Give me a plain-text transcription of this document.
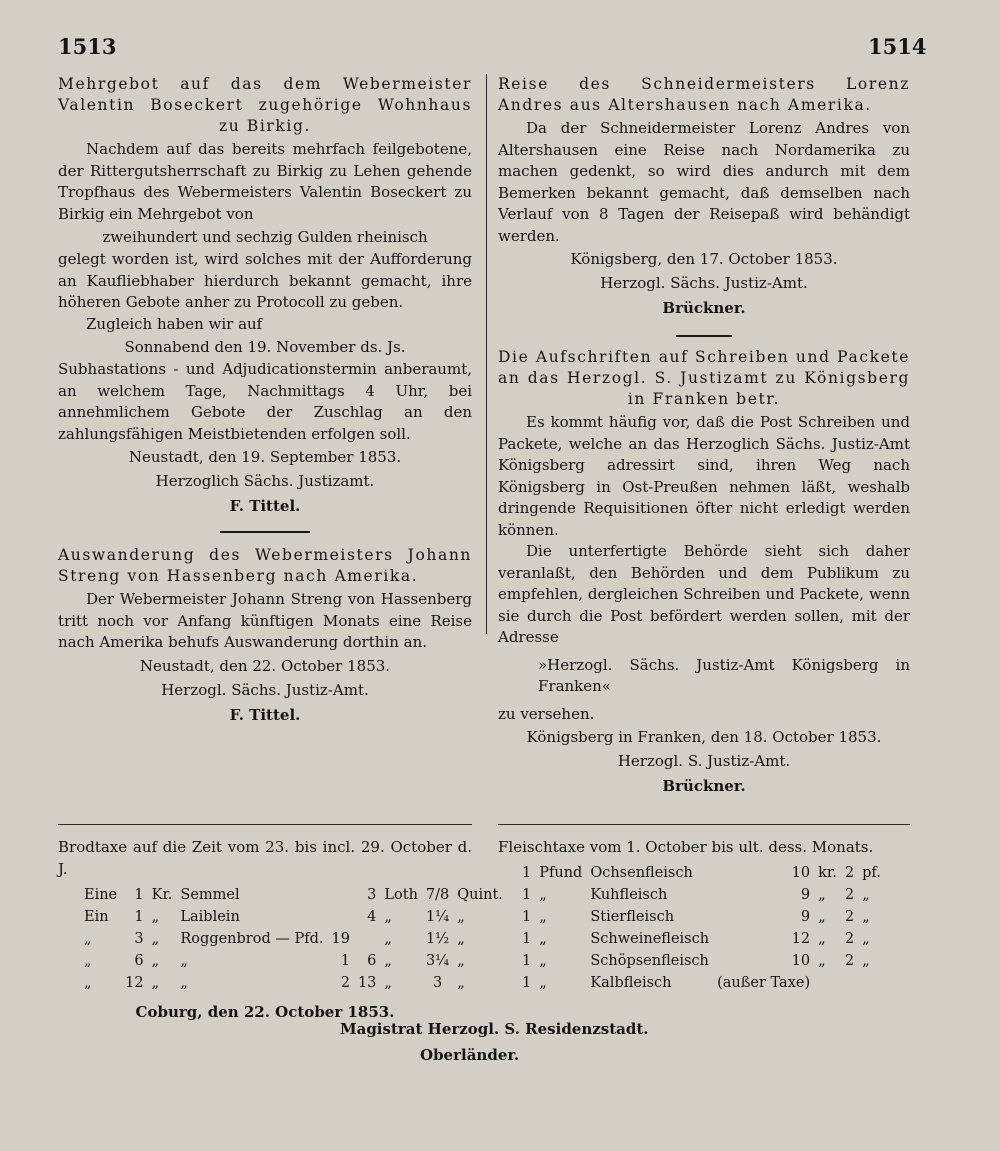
1513	1514

Mehrgebot auf das dem Webermeister Valentin Boseckert zugehörige Wohnhaus zu Birkig.

Nachdem auf das bereits mehrfach feilgebotene, der Rittergutsherrschaft zu Birkig zu Lehen gehende Tropfhaus des Webermeisters Valentin Boseckert zu Birkig ein Mehrgebot von

zweihundert und sechzig Gulden rheinisch

gelegt worden ist, wird solches mit der Aufforderung an Kaufliebhaber hierdurch bekannt gemacht, ihre höheren Gebote anher zu Protocoll zu geben.

Zugleich haben wir auf

Sonnabend den 19. November ds. Js.

Subhastations - und Adjudicationstermin anberaumt, an welchem Tage, Nachmittags 4 Uhr, bei annehmlichem Gebote der Zuschlag an den zahlungsfähigen Meistbietenden erfolgen soll.

Neustadt, den 19. September 1853.

Herzoglich Sächs. Justizamt.

F. Tittel.

Auswanderung des Webermeisters Johann Streng von Hassenberg nach Amerika.

Der Webermeister Johann Streng von Hassenberg tritt noch vor Anfang künftigen Monats eine Reise nach Amerika behufs Auswanderung dorthin an.

Neustadt, den 22. October 1853.

Herzogl. Sächs. Justiz-Amt.

F. Tittel.

Reise des Schneidermeisters Lorenz Andres aus Altershausen nach Amerika.

Da der Schneidermeister Lorenz Andres von Altershausen eine Reise nach Nordamerika zu machen gedenkt, so wird dies andurch mit dem Bemerken bekannt gemacht, daß demselben nach Verlauf von 8 Tagen der Reisepaß wird behändigt werden.

Königsberg, den 17. October 1853.

Herzogl. Sächs. Justiz-Amt.

Brückner.

Die Aufschriften auf Schreiben und Packete an das Herzogl. S. Justizamt zu Königsberg in Franken betr.

Es kommt häufig vor, daß die Post Schreiben und Packete, welche an das Herzoglich Sächs. Justiz-Amt Königsberg adressirt sind, ihren Weg nach Königsberg in Ost-Preußen nehmen läßt, weshalb dringende Requisitionen öfter nicht erledigt werden können.

Die unterfertigte Behörde sieht sich daher veranlaßt, den Behörden und dem Publikum zu empfehlen, dergleichen Schreiben und Packete, wenn sie durch die Post befördert werden sollen, mit der Adresse

»Herzogl. Sächs. Justiz-Amt Königsberg in Franken«

zu versehen.

Königsberg in Franken, den 18. October 1853.

Herzogl. S. Justiz-Amt.

Brückner.

Brodtaxe auf die Zeit vom 23. bis incl. 29. October d. J.

Eine	1	Kr.	Semmel		3	Loth	7/8	Quint.
Ein	1	„	Laiblein		4	„	1¼	„
„	3	„	Roggenbrod — Pfd.	19		„	1½	„
„	6	„	„	1	6	„	3¼	„
„	12	„	„	2	13	„	3	„

Coburg, den 22. October 1853.

Fleischtaxe vom 1. October bis ult. dess. Monats.

1	Pfund	Ochsenfleisch	10	kr.	2	pf.
1	„	Kuhfleisch	9	„	2	„
1	„	Stierfleisch	9	„	2	„
1	„	Schweinefleisch	12	„	2	„
1	„	Schöpsenfleisch	10	„	2	„
1	„	Kalbfleisch	(außer Taxe)			
Magistrat Herzogl. S. Residenzstadt.
Oberländer.
